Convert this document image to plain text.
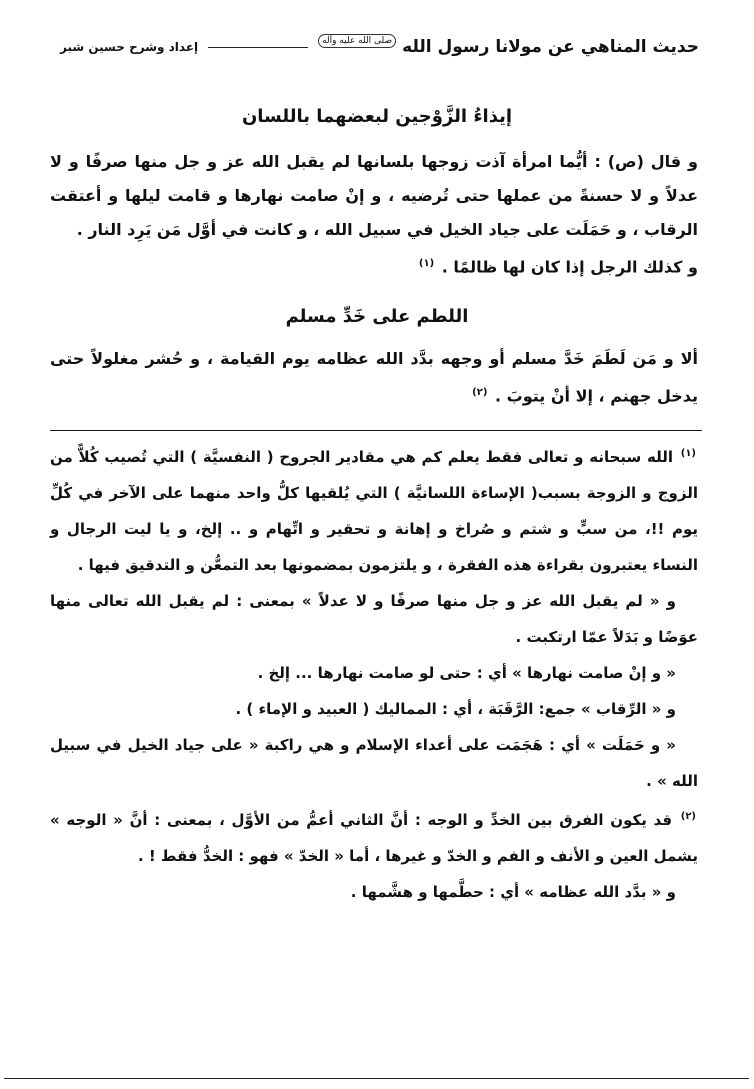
حديث المناهي عن مولانا رسول الله
صلى الله عليه وآله
إعداد وشرح حسين شبر
إيذاءُ الزَّوْجين لبعضهما باللسان
و قال (ص) : أيُّما امرأة آذت زوجها بلسانها لم يقبل الله عز و جل منها صرفًا و لا عدلاً و لا حسنةً من عملها حتى تُرضيه ، و إنْ صامت نهارها و قامت ليلها و أعتقت الرقاب ، و حَمَلَت على جياد الخيل في سبيل الله ، و كانت في أوَّل مَن يَرِد النار .
و كذلك الرجل إذا كان لها ظالمًا . $^{(١)}$
اللطم على خَدِّ مسلم
ألا و مَن لَطَمَ خَدَّ مسلم أو وجهه بدَّد الله عظامه يوم القيامة ، و حُشر مغلولاً حتى يدخل جهنم ، إلا أنْ يتوبَ . $^{(٢)}$
$^{(١)}$ الله سبحانه و تعالى فقط يعلم كم هي مقادير الجروح ( النفسيَّة ) التي تُصيب كُلاًّ من الزوج و الزوجة بسبب( الإساءة اللسانيَّة ) التي يُلقيها كلُّ واحد منهما على الآخر في كُلِّ يوم !!، من سبٍّ و شتم و صُراخ و إهانة و تحقير و اتِّهام و .. إلخ، و يا ليت الرجال و النساء يعتبرون بقراءة هذه الفقرة ، و يلتزمون بمضمونها بعد التمعُّن و التدقيق فيها .
و « لم يقبل الله عز و جل منها صرفًا و لا عدلاً » بمعنى : لم يقبل الله تعالى منها عوَضًا و بَدَلاً عمّا ارتكبت .
« و إنْ صامت نهارها » أي : حتى لو صامت نهارها ... إلخ .
و « الرِّقاب » جمع: الرَّقَبَة ، أي : المماليك ( العبيد و الإماء ) .
« و حَمَلَت » أي : هَجَمَت على أعداء الإسلام و هي راكبة « على جياد الخيل في سبيل الله » .
$^{(٢)}$ قد يكون الفرق بين الخدِّ و الوجه : أنَّ الثاني أعمُّ من الأوَّل ، بمعنى : أنَّ « الوجه » يشمل العين و الأنف و الفم و الخدّ و غيرها ، أما « الخدّ » فهو : الخدُّ فقط ! .
و « بدَّد الله عظامه » أي : حطَّمها و هشَّمها .
